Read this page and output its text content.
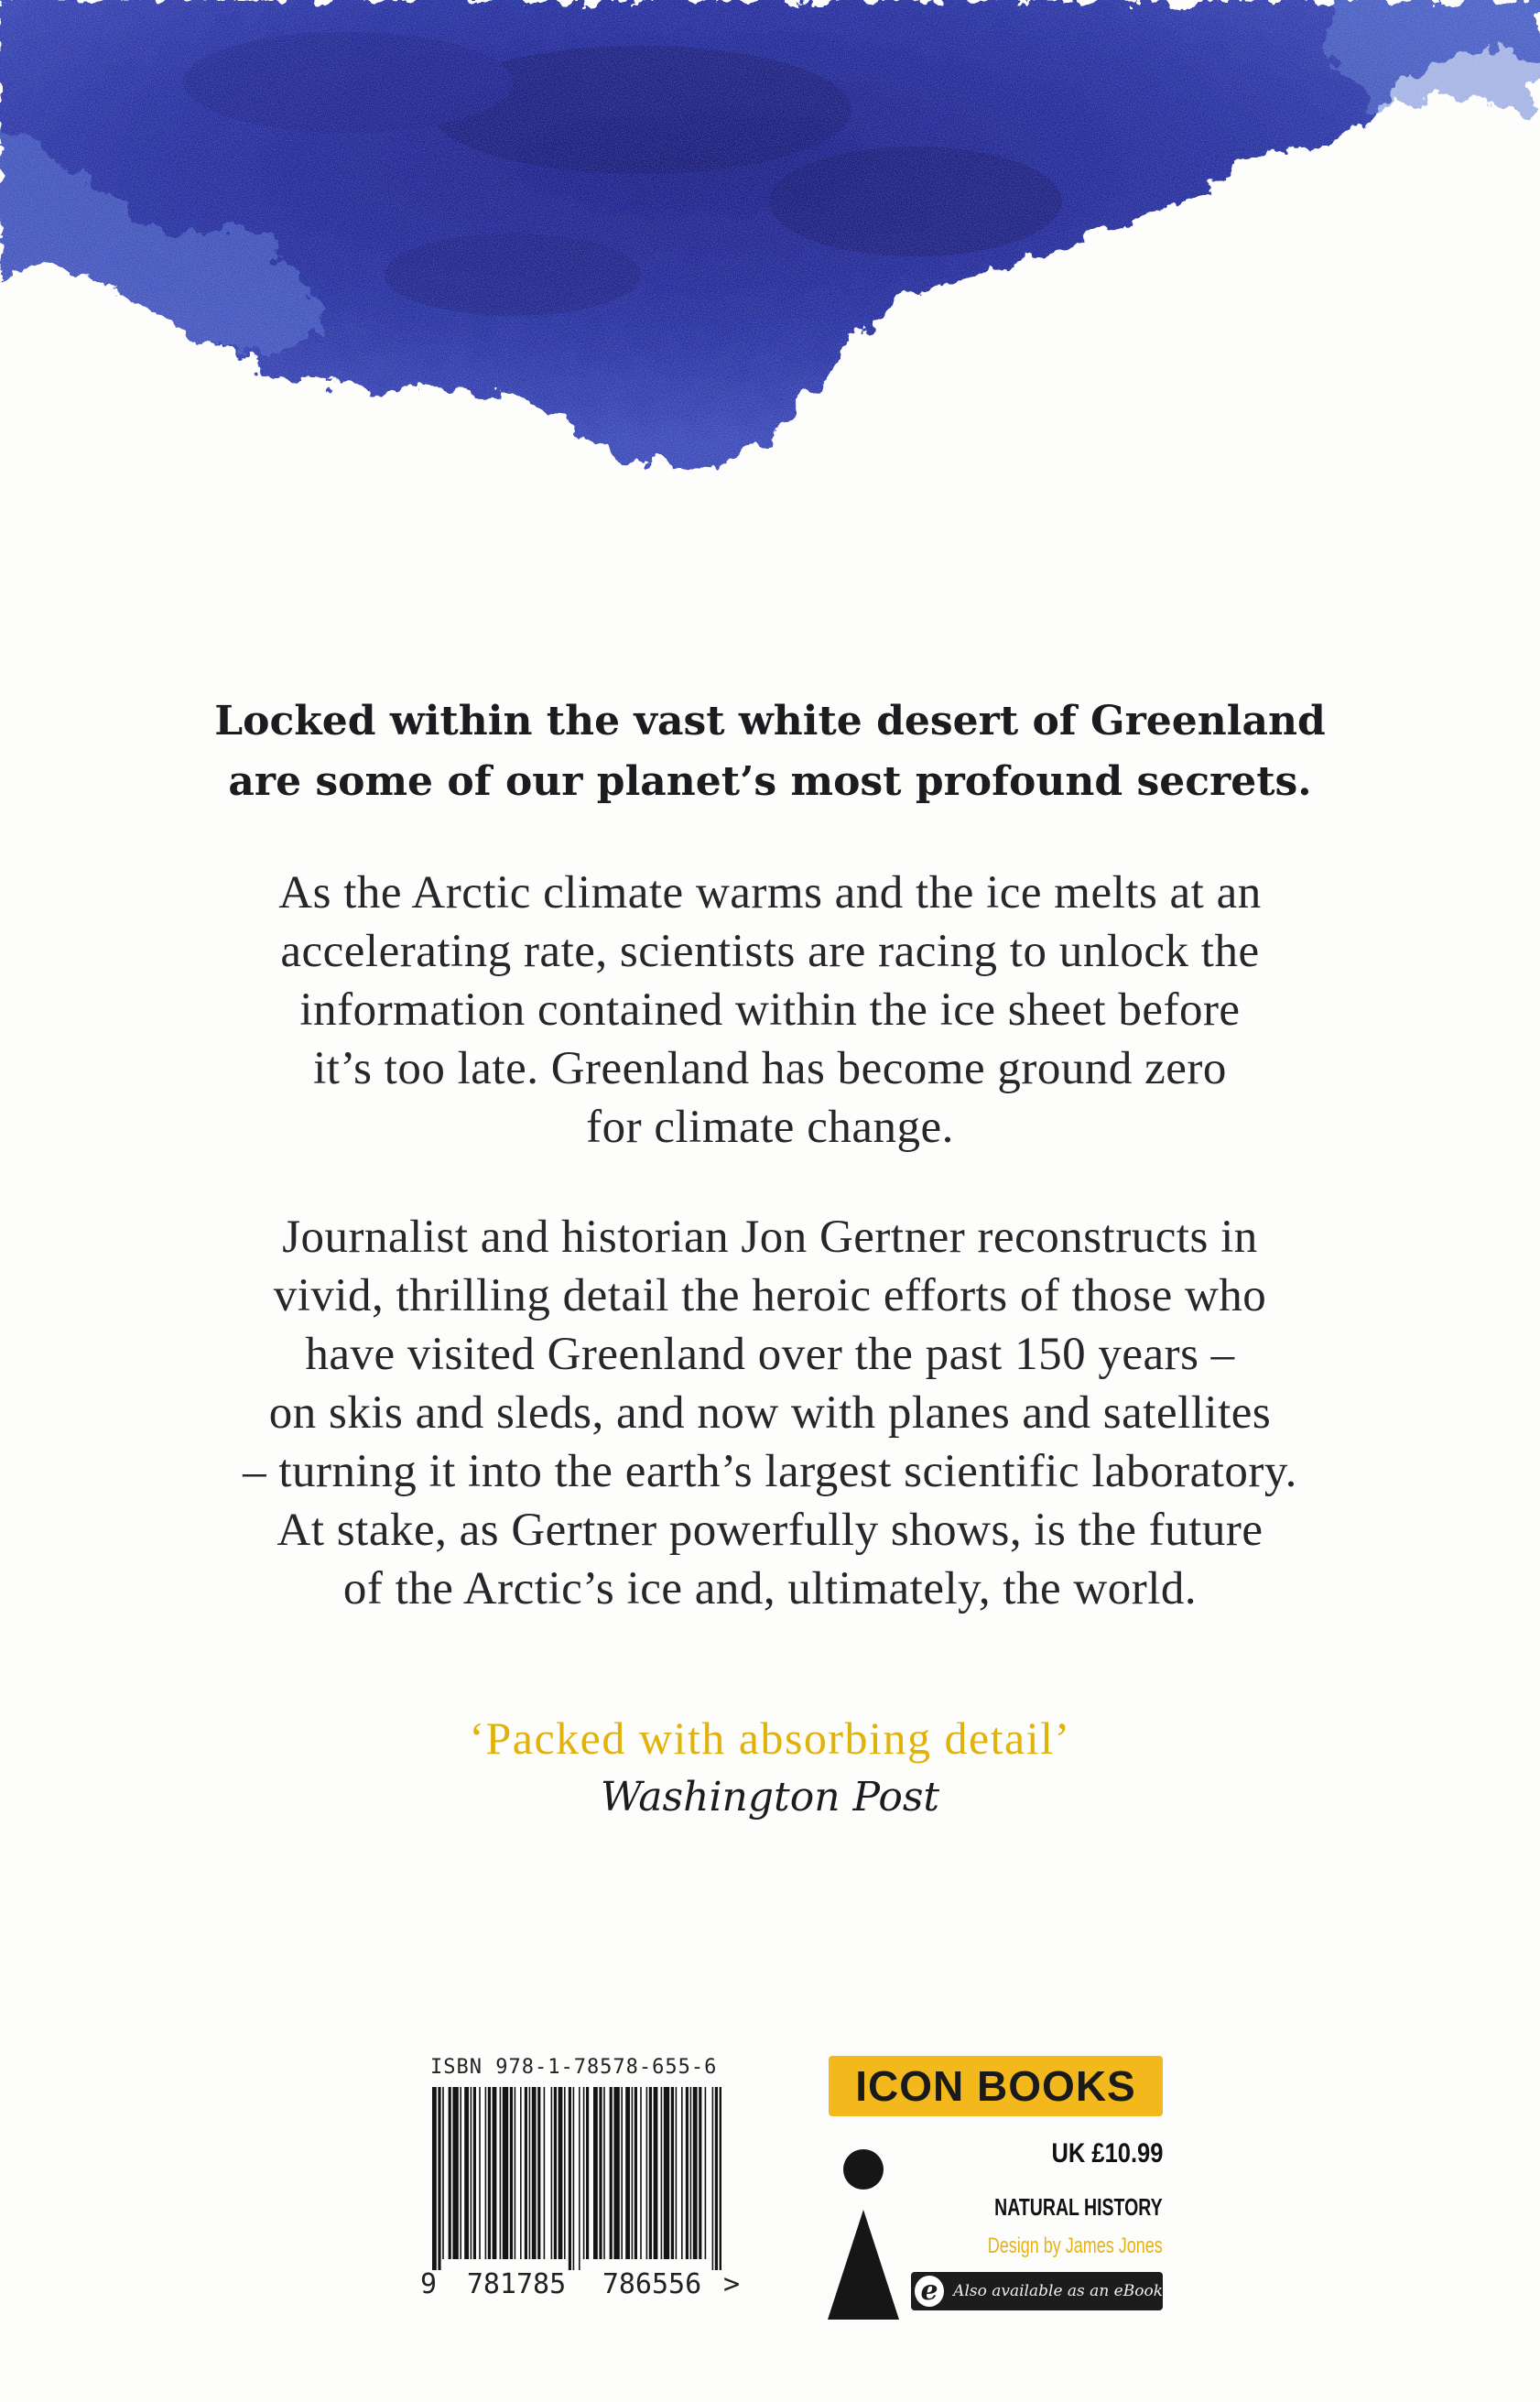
Locked within the vast white desert of Greenland
are some of our planet’s most profound secrets.

As the Arctic climate warms and the ice melts at an
accelerating rate, scientists are racing to unlock the
information contained within the ice sheet before
it’s too late. Greenland has become ground zero
for climate change.

Journalist and historian Jon Gertner reconstructs in
vivid, thrilling detail the heroic efforts of those who
have visited Greenland over the past 150 years –
on skis and sleds, and now with planes and satellites
– turning it into the earth’s largest scientific laboratory.
At stake, as Gertner powerfully shows, is the future
of the Arctic’s ice and, ultimately, the world.

‘Packed with absorbing detail’
Washington Post
ISBN 978-1-78578-655-6
9	781785	786556 >
ICON BOOKS
UK £10.99
NATURAL HISTORY
Design by James Jones
e Also available as an eBook
